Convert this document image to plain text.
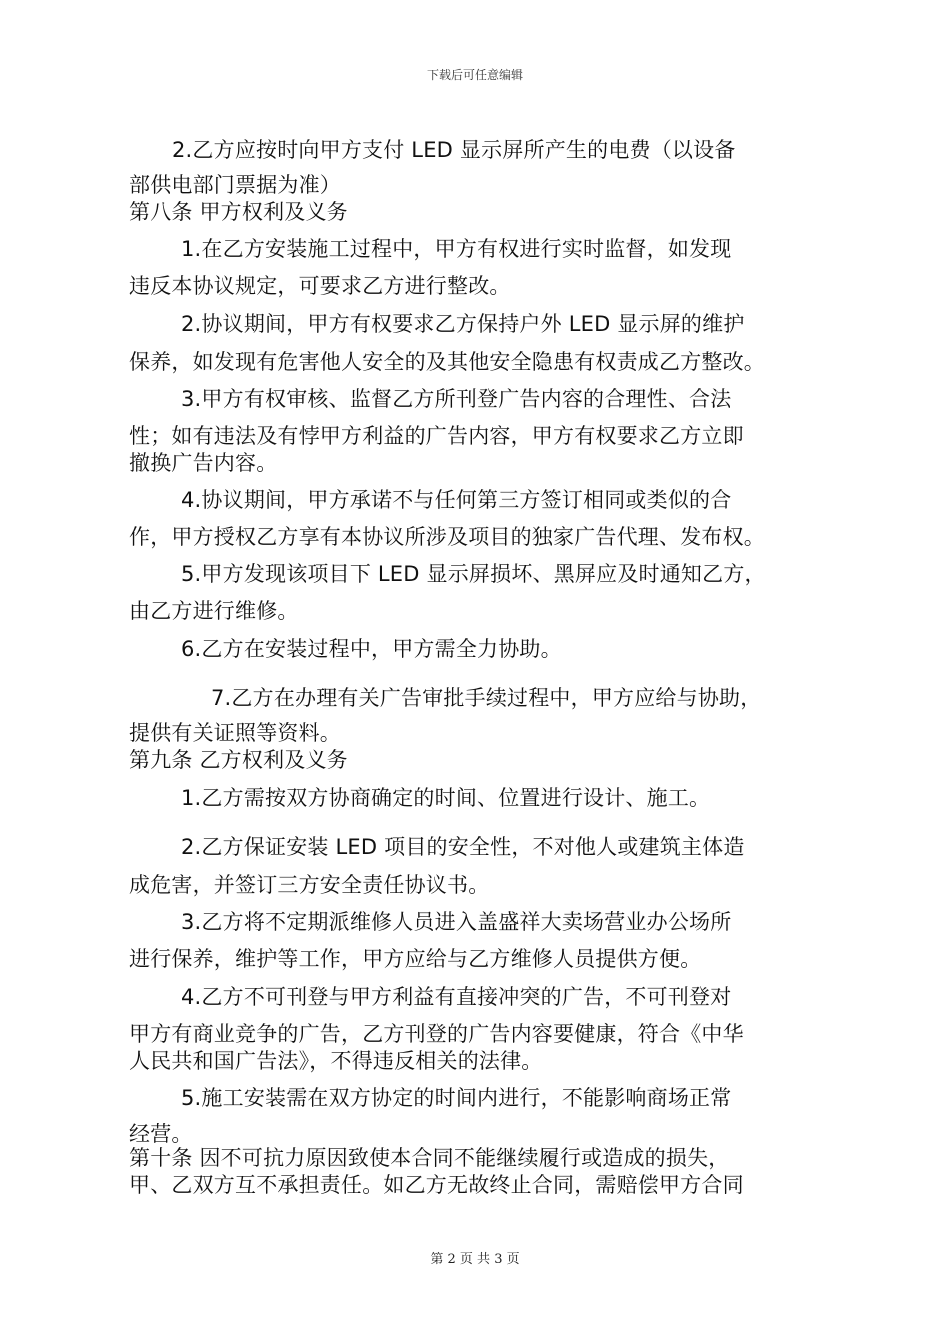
下载后可任意编辑
2.乙方应按时向甲方支付 LED 显示屏所产生的电费（以设备
部供电部门票据为准）
第八条 甲方权利及义务
1.在乙方安装施工过程中，甲方有权进行实时监督，如发现
违反本协议规定，可要求乙方进行整改。
2.协议期间，甲方有权要求乙方保持户外 LED 显示屏的维护
保养，如发现有危害他人安全的及其他安全隐患有权责成乙方整改。
3.甲方有权审核、监督乙方所刊登广告内容的合理性、合法
性；如有违法及有悖甲方利益的广告内容，甲方有权要求乙方立即
撤换广告内容。
4.协议期间，甲方承诺不与任何第三方签订相同或类似的合
作，甲方授权乙方享有本协议所涉及项目的独家广告代理、发布权。
5.甲方发现该项目下 LED 显示屏损坏、黑屏应及时通知乙方，
由乙方进行维修。
6.乙方在安装过程中，甲方需全力协助。
7.乙方在办理有关广告审批手续过程中，甲方应给与协助，
提供有关证照等资料。
第九条 乙方权利及义务
1.乙方需按双方协商确定的时间、位置进行设计、施工。
2.乙方保证安装 LED 项目的安全性，不对他人或建筑主体造
成危害，并签订三方安全责任协议书。
3.乙方将不定期派维修人员进入盖盛祥大卖场营业办公场所
进行保养，维护等工作，甲方应给与乙方维修人员提供方便。
4.乙方不可刊登与甲方利益有直接冲突的广告，不可刊登对
甲方有商业竞争的广告，乙方刊登的广告内容要健康，符合《中华
人民共和国广告法》，不得违反相关的法律。
5.施工安装需在双方协定的时间内进行，不能影响商场正常
经营。
第十条 因不可抗力原因致使本合同不能继续履行或造成的损失，
甲、乙双方互不承担责任。如乙方无故终止合同，需赔偿甲方合同
第 2 页 共 3 页
